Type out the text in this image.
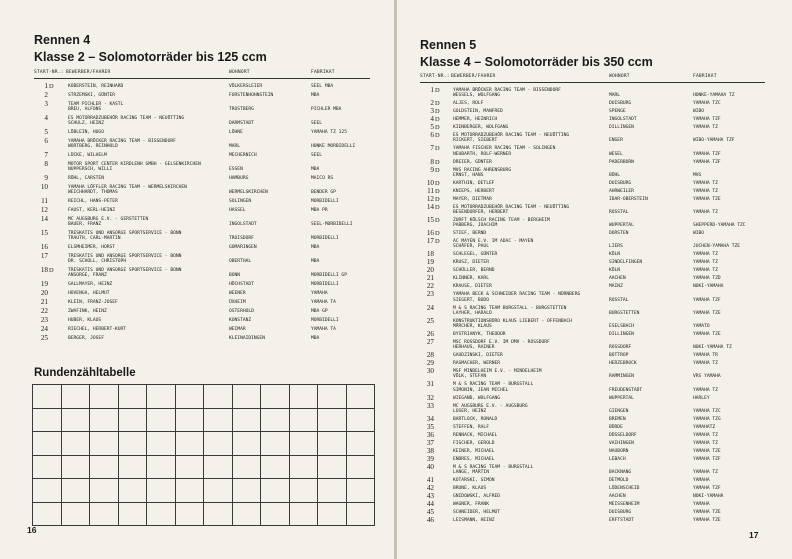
Rennen 4
Klasse 2 – Solomotorräder bis 125 ccm
START-NR.: BEWERBER/FAHRER	WOHNORT	FABRIKAT
1 D	KOBERSTEIN, REINHARD	VÖLKERSLEIER	SEEL MBA
2	STRZEMSKI, GÜNTER	FORSTENHOHNSTEIN	MBA
3	TEAM PICHLER - KASTL
BREU, ALFONS	TROSTBERG	PICHLER MBA
4	ES MOTORRADZUBEHÖR RACING TEAM - NEUÖTTING
SCHULZ, HEINZ	DARMSTADT	SEEL
5	LÖBLEIN, HUGO	LÖHNE	YAMAHA TZ 125
6	YAMAHA BRÖCKER RACING TEAM - BISSENDORF
WORTBERG, REINHOLD	MARL	HONKE MORBIDELLI
7	LÜCKE, WILHELM	MECHERNICH	SEEL
8	MOTOR SPORT CENTER KIRDLENH GMBH - GELSENKIRCHEN
NUPPERSCH, WILLI	ESSEN	MBA
9	RÖHL, CARSTEN	HAMBURG	MAICO RS
10	YAMAHA LÖFFLER RACING TEAM - WERMELSKIRCHEN
WEICHHARDT, THOMAS	WERMELSKIRCHEN	BENDER GP
11	REICHL, HANS-PETER	SOLINGEN	MORBIDELLI
12	FAUST, KERL-HEINZ	HASSEL	MBA PR
14	MC AUGSBURG E.V. - GERSTETTEN
BAUER, FRANZ	INGOLSTADT	SEEL-MORBIDELLI
15	TRESKATIS UND ANSORGE SPORTSERVICE - BONN
TRAUTH, CARL-MARTIN	TROISDORF	MORBIDELLI
16	ELSMHEIMER, HORST	GOMARINGEN	MBA
17	TRESKATIS UND ANSORGE SPORTSERVICE - BONN
DR. SCHOLL, CHRISTOPH	OBERTHAL	MBA
18 D	TRESKATIS UND ANSORGE SPORTSERVICE - BONN
ANSORGE, FRANZ	BONN	MORBIDELLI GP
19	GALLMAYER, HEINZ	HÖCHSTADT	MORBIDELLI
20	HOVENGA, HELMUT	WEENER	YAMAHA
21	KLEIN, FRANZ-JOSEF	ÜXHEIM	YAMAHA TA
22	ZWAFINK, HEINZ	OSTERHOLD	MBA GP
23	HUBER, KLAUS	KONSTANZ	MORBIDELLI
24	RIECHEL, HERBERT-KURT	WEIMAR	YAMAHA TA
25	BERGER, JOSEF	KLEINAIDINGEN	MBA
Rundenzähltabelle

16
Rennen 5
Klasse 4 – Solomotorräder bis 350 ccm
START-NR.: BEWERBER/FAHRER	WOHNORT	FABRIKAT
1 D	YAMAHA BRÖCKER RACING TEAM - BISSENDORF
WESSELS, WOLFGANG	MARL	HONKE-YAMAHA TZ
2 D	ALJES, ROLF	DUISBURG	YAMAHA TZC
3 D	GOLDSTEIN, MANFRED	SPENGE	WIBO
4 D	HEMMER, HEINRICH	INGOLSTADT	YAMAHA TZF
5 D	KIENBERGER, WOLFGANG	DILLINGEN	YAMAHA TZ
6 D	ES MOTORRADZUBEHÖR RACING TEAM - NEUÖTTING
RICKERT, SIEBERT	ENGER	WIBO-YAMAHA TZF
7 D	YAMAHA FISCHER RACING TEAM - SOLINGEN
NEUBARTH, ROLF-WERNER	WESEL	YAMAHA TZF
8 D	DREIER, GÜNTER	PADERBORN	YAMAHA TZF
9 D	MVG RACING AHRENSBURG
ERNST, HANS	BÜHL	MVG
10 D	KARTHIN, DETLEF	DUISBURG	YAMAHA TZ
11 D	KNIEPS, HERBERT	AHRWEILER	YAMAHA TZ
12 D	MAYER, DIETMAR	IDAR-OBERSTEIN	YAMAHA TZE
14 D	ES MOTORRADZUBEHÖR RACING TEAM - NEUÖTTING
BESENDORFER, HERBERT	ROSSTAL	YAMAHA TZ
15 D	ZURFT KÖLSCH RACING TEAM - BERGHEIM
PABBERG, JOACHIM	WUPPERTAL	SHEPPERD-YAMAHA TZC
16 D	STIEF, BERND	DORSTEN	WIBO
17 D	AC MAYEN E.V. IM ADAC - MAYEN
SCHÄFER, PAUL	LIERS	JUCHEN-YAMAHA TZE
18	SCHLEGEL, GÜNTER	KÖLN	YAMAHA TZ
19	KRUSZ, DIETER	SINDELFINGEN	YAMAHA TZ
20	SCHÜLLER, BERND	KÖLN	YAMAHA TZ
21	KLINNER, KARL	AACHEN	YAMAHA TZD
22	KRAUSE, DIETER	MAINZ	NOKI-YAMAHA
23	YAMAHA BECK & SCHNEIDER RACING TEAM - NÜRNBERG
SIEGERT, BODO	ROSSTAL	YAMAHA TZF
24	M & S RACING TEAM BURGSTALL - BURGSTETTEN
LAYHER, HARALD	BURGSTETTEN	YAMAHA TZE
25	KONSTRUKTIONSBÜRO KLAUS LIEBERT - OFFENBACH
MÄRCHER, KLAUS	ESELSBACH	YAMATO
26	BYSTRIANYK, THEODOR	DILLINGEN	YAMAHA TZE
27	MSC ROSSDORF E.V. IM DMV - ROSSDORF
HERHAUS, RAINER	ROSSDORF	NOKI-YAMAHA TZ
28	GAUDZINSKI, DIETER	BOTTROP	YAMAHA TR
29	RASMACHER, WERNER	HERZEBROCK	YAMAHA TZ
30	MSF MINDELHEIM E.V. - MINDELHEIM
VÖLK, STEFAN	RAMMINGEN	VRS YAMAHA
31	M & S RACING TEAM - BURGSTALL
SIMONIN, JEAN MICHEL	FREUDENSTADT	YAMAHA TZ
32	WIEGAND, WOLFGANG	WUPPERTAL	HARLEY
33	MC AUGSBURG E.V. - AUGSBURG
LOSER, HEINZ	GIENGEN	YAMAHA TZC
34	BARTLOCK, RONALD	BREMEN	YAMAHA TZG
35	STEFFEN, RALF	BÜRDE	YAMAHATZ
36	RENNACK, MICHAEL	DÜSSELDORF	YAMAHA TZ
37	FISCHER, GEROLD	VAIHINGEN	YAMAHA TZ
38	KEINER, MICHAEL	NAUBORN	YAMAHA TZE
39	ENDRES, MICHAEL	LEBACH	YAMAHA TZF
40	M & S RACING TEAM - BURGSTALL
LANGE, MARTIN	BACKNANG	YAMAHA TZ
41	KOTARSKI, SIMON	DETMOLD	YAMAHA
42	BRUNE, KLAUS	LÜDENSCHEID	YAMAHA TZF
43	GNIDOWSKI, ALFRED	AACHEN	NOKI-YAMAHA
44	WAGNER, FRANK	MEISSENHEIM	YAMAHA
45	SCHNEIDER, HELMUT	DUISBURG	YAMAHA TZE
46	LEISMANN, HEINZ	ERFTSTADT	YAMAHA TZE
17
